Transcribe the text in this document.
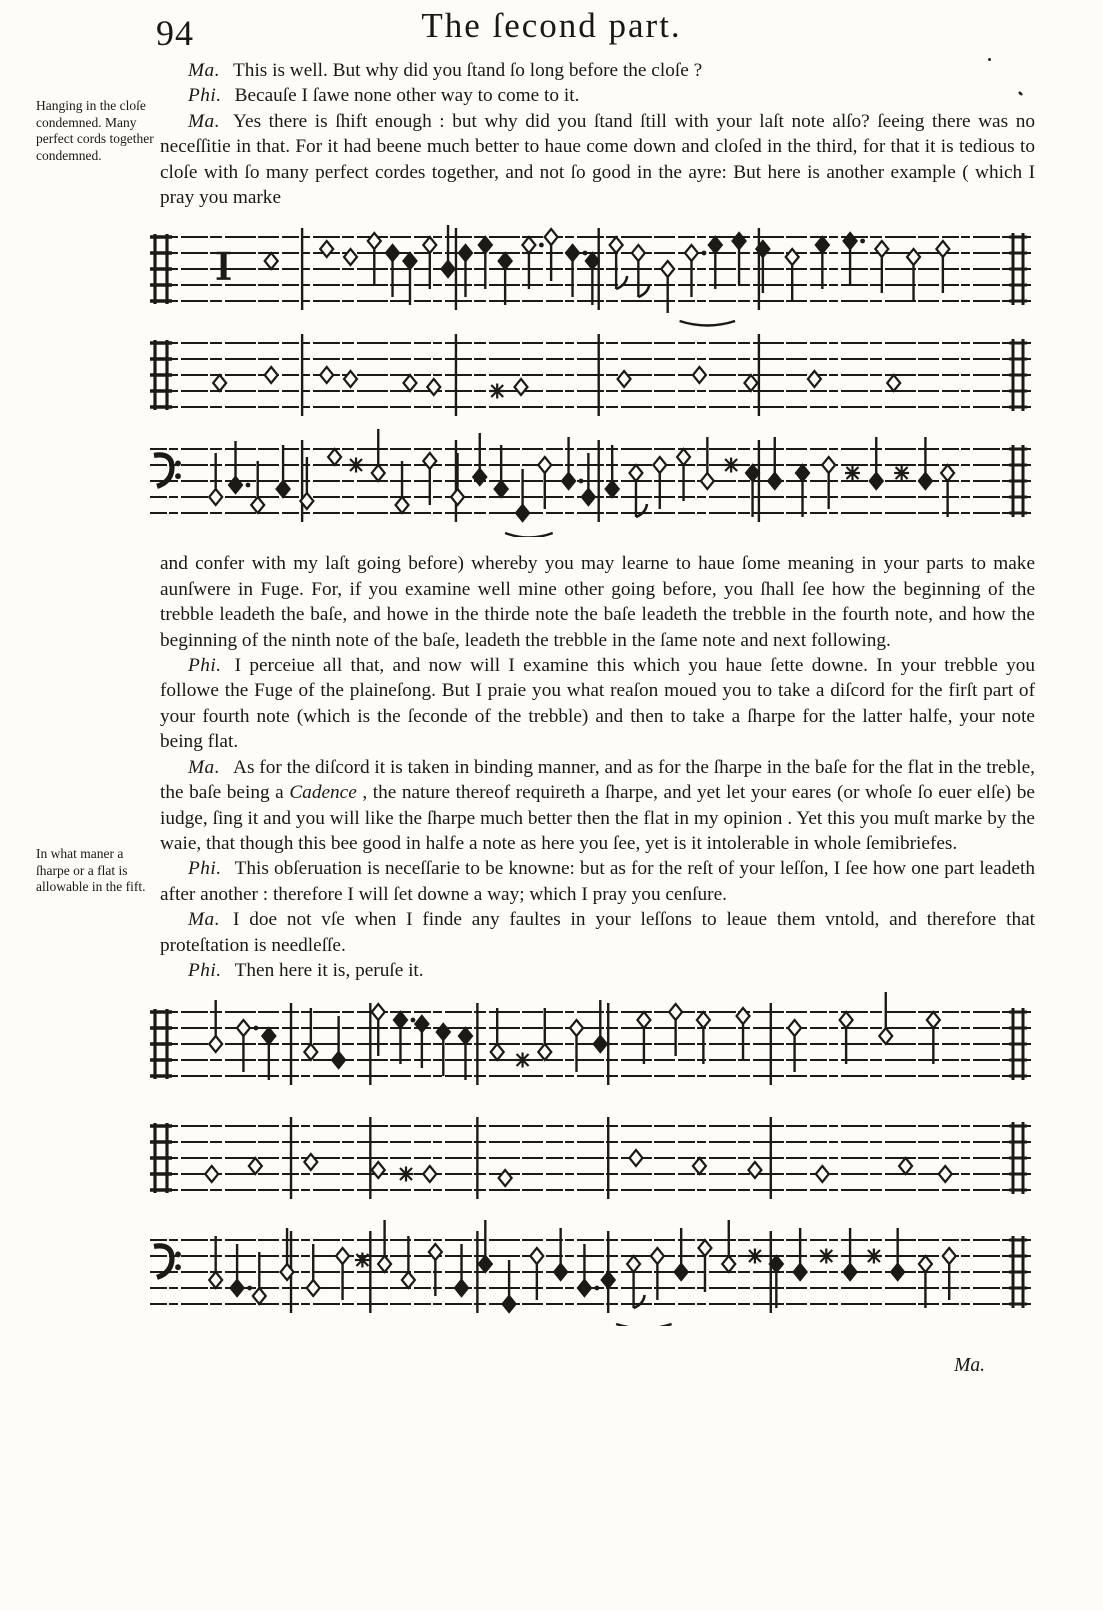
94	The ſecond part.
Hanging in the cloſe condemned. Many perfect cords together condemned.
In what maner a ſharpe or a flat is allowable in the fift.

Ma. This is well. But why did you ſtand ſo long before the cloſe ?

Phi. Becauſe I ſawe none other way to come to it.

Ma. Yes there is ſhift enough : but why did you ſtand ſtill with your laſt note alſo? ſeeing there was no neceſſitie in that. For it had beene much better to haue come down and cloſed in the third, for that it is tedious to cloſe with ſo many perfect cordes together, and not ſo good in the ayre: But here is another example ( which I pray you marke

and confer with my laſt going before) whereby you may learne to haue ſome meaning in your parts to make aunſwere in Fuge. For, if you examine well mine other going before, you ſhall ſee how the beginning of the trebble leadeth the baſe, and howe in the thirde note the baſe leadeth the trebble in the fourth note, and how the beginning of the ninth note of the baſe, leadeth the trebble in the ſame note and next following.

Phi. I perceiue all that, and now will I examine this which you haue ſette downe. In your trebble you followe the Fuge of the plaineſong. But I praie you what reaſon moued you to take a diſcord for the firſt part of your fourth note (which is the ſeconde of the trebble) and then to take a ſharpe for the latter halfe, your note being flat.

Ma. As for the diſcord it is taken in binding manner, and as for the ſharpe in the baſe for the flat in the treble, the baſe being a Cadence , the nature thereof requireth a ſharpe, and yet let your eares (or whoſe ſo euer elſe) be iudge, ſing it and you will like the ſharpe much better then the flat in my opinion . Yet this you muſt marke by the waie, that though this bee good in halfe a note as here you ſee, yet is it intolerable in whole ſemibriefes.

Phi. This obſeruation is neceſſarie to be knowne: but as for the reſt of your leſſon, I ſee how one part leadeth after another : therefore I will ſet downe a way; which I pray you cenſure.

Ma. I doe not vſe when I finde any faultes in your leſſons to leaue them vntold, and therefore that proteſtation is needleſſe.

Phi. Then here it is, peruſe it.

Ma.
